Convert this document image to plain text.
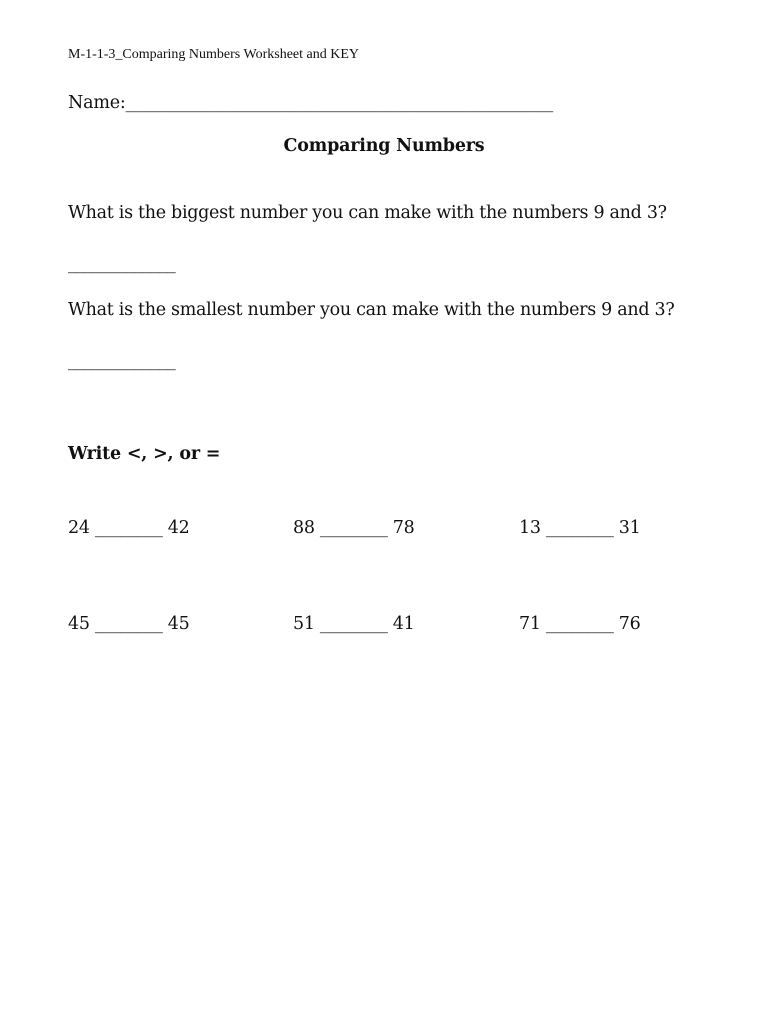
M-1-1-3_Comparing Numbers Worksheet and KEY
Name:__________________________________________________
Comparing Numbers
What is the biggest number you can make with the numbers 9 and 3?
_____________
What is the smallest number you can make with the numbers 9 and 3?
_____________
Write <, >, or =
24 ________ 42	88 ________ 78	13 ________ 31
45 ________ 45	51 ________ 41	71 ________ 76
